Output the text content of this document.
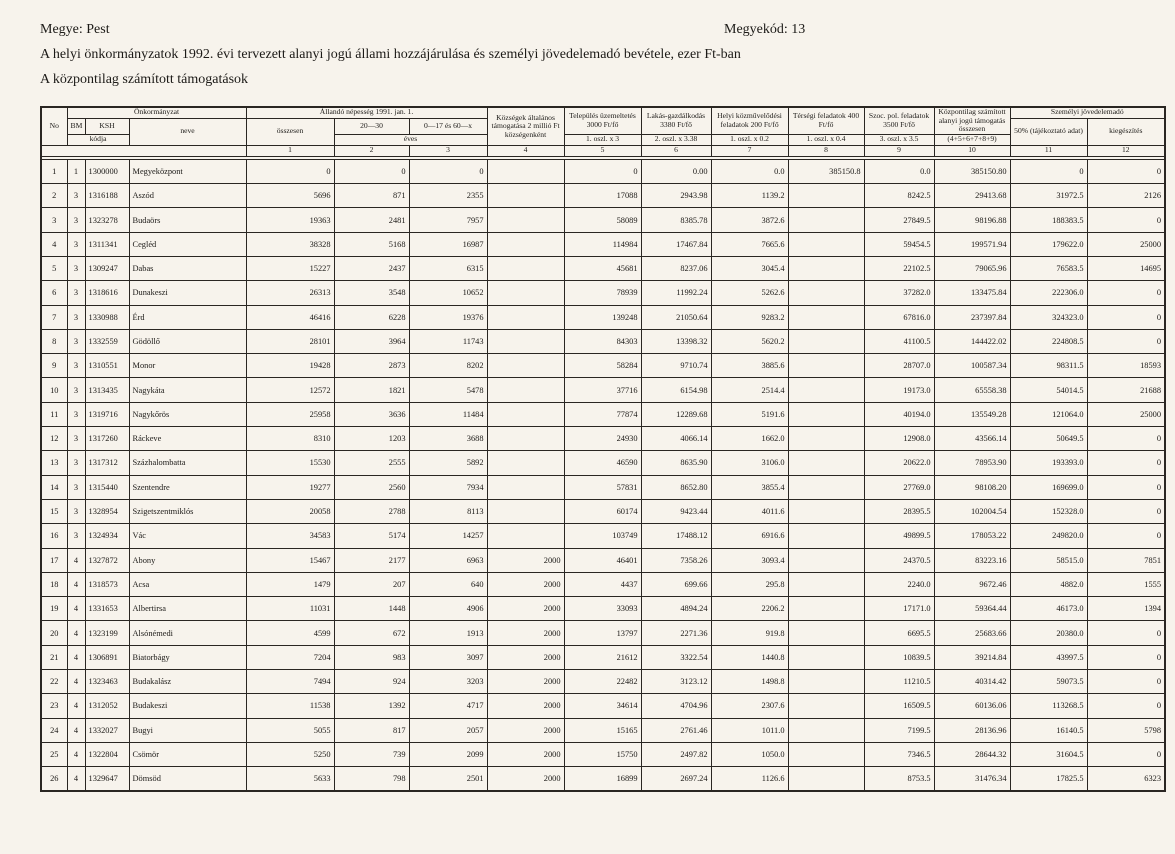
Megye: Pest	Megyekód: 13
A helyi önkormányzatok 1992. évi tervezett alanyi jogú állami hozzájárulása és személyi jövedelemadó bevétele, ezer Ft-ban
A központilag számított támogatások
No	Önkormányzat			Állandó népesség 1991. jan. 1.			Községek általános támogatása 2 millió Ft községenként	Település üzemeltetés 3000 Ft/fő	Lakás-gazdálkodás 3380 Ft/fő	Helyi közművelődési feladatok 200 Ft/fő	Térségi feladatok 400 Ft/fő	Szoc. pol. feladatok 3500 Ft/fő	Központilag számított alanyi jogú támogatás összesen	Személyi jövedelemadó	
	BM	KSH	neve	összesen	20—30	0—17 és 60—x								50% (tájékoztató adat)	kiegészítés
	kódja				éves			1. oszl. x 3	2. oszl. x 3.38	1. oszl. x 0.2	1. oszl. x 0.4	3. oszl. x 3.5	(4+5+6+7+8+9)		
				1	2	3	4	5	6	7	8	9	10	11	12

1	1	1300000	Megyeközpont	0	0	0		0	0.00	0.0	385150.8	0.0	385150.80	0	0
2	3	1316188	Aszód	5696	871	2355		17088	2943.98	1139.2		8242.5	29413.68	31972.5	2126
3	3	1323278	Budaörs	19363	2481	7957		58089	8385.78	3872.6		27849.5	98196.88	188383.5	0
4	3	1311341	Cegléd	38328	5168	16987		114984	17467.84	7665.6		59454.5	199571.94	179622.0	25000
5	3	1309247	Dabas	15227	2437	6315		45681	8237.06	3045.4		22102.5	79065.96	76583.5	14695
6	3	1318616	Dunakeszi	26313	3548	10652		78939	11992.24	5262.6		37282.0	133475.84	222306.0	0
7	3	1330988	Érd	46416	6228	19376		139248	21050.64	9283.2		67816.0	237397.84	324323.0	0
8	3	1332559	Gödöllő	28101	3964	11743		84303	13398.32	5620.2		41100.5	144422.02	224808.5	0
9	3	1310551	Monor	19428	2873	8202		58284	9710.74	3885.6		28707.0	100587.34	98311.5	18593
10	3	1313435	Nagykáta	12572	1821	5478		37716	6154.98	2514.4		19173.0	65558.38	54014.5	21688
11	3	1319716	Nagykőrös	25958	3636	11484		77874	12289.68	5191.6		40194.0	135549.28	121064.0	25000
12	3	1317260	Ráckeve	8310	1203	3688		24930	4066.14	1662.0		12908.0	43566.14	50649.5	0
13	3	1317312	Százhalombatta	15530	2555	5892		46590	8635.90	3106.0		20622.0	78953.90	193393.0	0
14	3	1315440	Szentendre	19277	2560	7934		57831	8652.80	3855.4		27769.0	98108.20	169699.0	0
15	3	1328954	Szigetszentmiklós	20058	2788	8113		60174	9423.44	4011.6		28395.5	102004.54	152328.0	0
16	3	1324934	Vác	34583	5174	14257		103749	17488.12	6916.6		49899.5	178053.22	249820.0	0
17	4	1327872	Abony	15467	2177	6963	2000	46401	7358.26	3093.4		24370.5	83223.16	58515.0	7851
18	4	1318573	Acsa	1479	207	640	2000	4437	699.66	295.8		2240.0	9672.46	4882.0	1555
19	4	1331653	Albertirsa	11031	1448	4906	2000	33093	4894.24	2206.2		17171.0	59364.44	46173.0	1394
20	4	1323199	Alsónémedi	4599	672	1913	2000	13797	2271.36	919.8		6695.5	25683.66	20380.0	0
21	4	1306891	Biatorbágy	7204	983	3097	2000	21612	3322.54	1440.8		10839.5	39214.84	43997.5	0
22	4	1323463	Budakalász	7494	924	3203	2000	22482	3123.12	1498.8		11210.5	40314.42	59073.5	0
23	4	1312052	Budakeszi	11538	1392	4717	2000	34614	4704.96	2307.6		16509.5	60136.06	113268.5	0
24	4	1332027	Bugyi	5055	817	2057	2000	15165	2761.46	1011.0		7199.5	28136.96	16140.5	5798
25	4	1322804	Csömör	5250	739	2099	2000	15750	2497.82	1050.0		7346.5	28644.32	31604.5	0
26	4	1329647	Dömsöd	5633	798	2501	2000	16899	2697.24	1126.6		8753.5	31476.34	17825.5	6323
